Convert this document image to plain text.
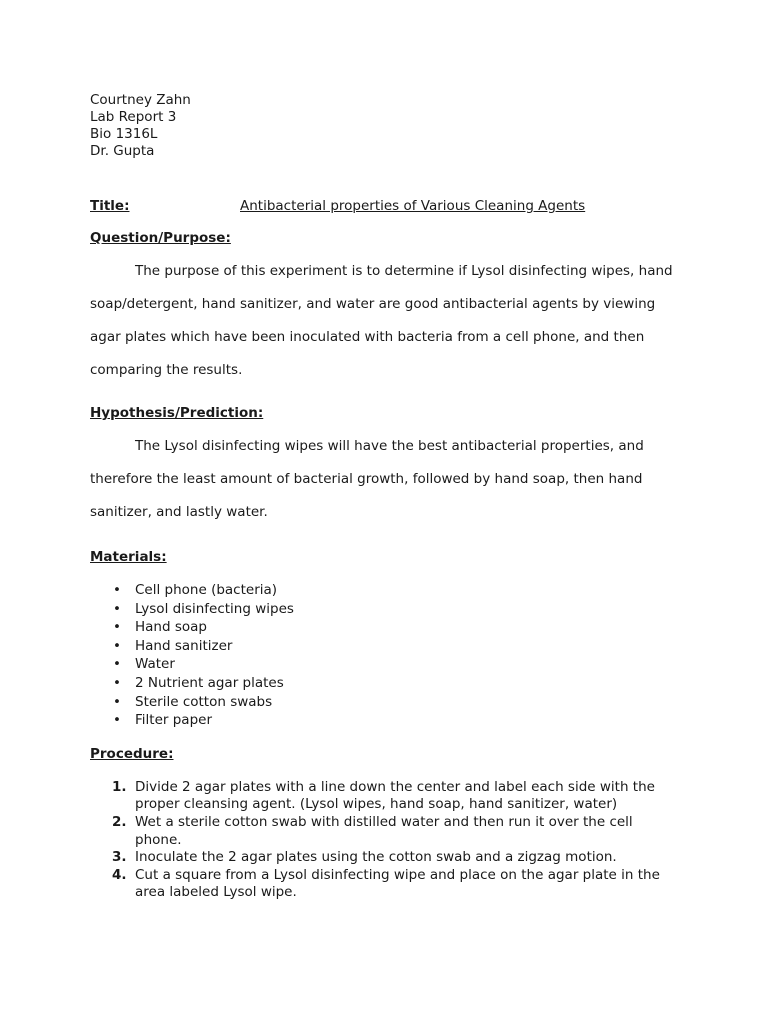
Courtney Zahn

Lab Report 3

Bio 1316L

Dr. Gupta

Title:	Antibacterial properties of Various Cleaning Agents

Question/Purpose:

The purpose of this experiment is to determine if Lysol disinfecting wipes, hand soap/detergent, hand sanitizer, and water are good antibacterial agents by viewing agar plates which have been inoculated with bacteria from a cell phone, and then comparing the results.

Hypothesis/Prediction:

The Lysol disinfecting wipes will have the best antibacterial properties, and therefore the least amount of bacterial growth, followed by hand soap, then hand sanitizer, and lastly water.

Materials:

• Cell phone (bacteria)
• Lysol disinfecting wipes
• Hand soap
• Hand sanitizer
• Water
• 2 Nutrient agar plates
• Sterile cotton swabs
• Filter paper

Procedure:

1. Divide 2 agar plates with a line down the center and label each side with the proper cleansing agent. (Lysol wipes, hand soap, hand sanitizer, water)
2. Wet a sterile cotton swab with distilled water and then run it over the cell phone.
3. Inoculate the 2 agar plates using the cotton swab and a zigzag motion.
4. Cut a square from a Lysol disinfecting wipe and place on the agar plate in the area labeled Lysol wipe.
